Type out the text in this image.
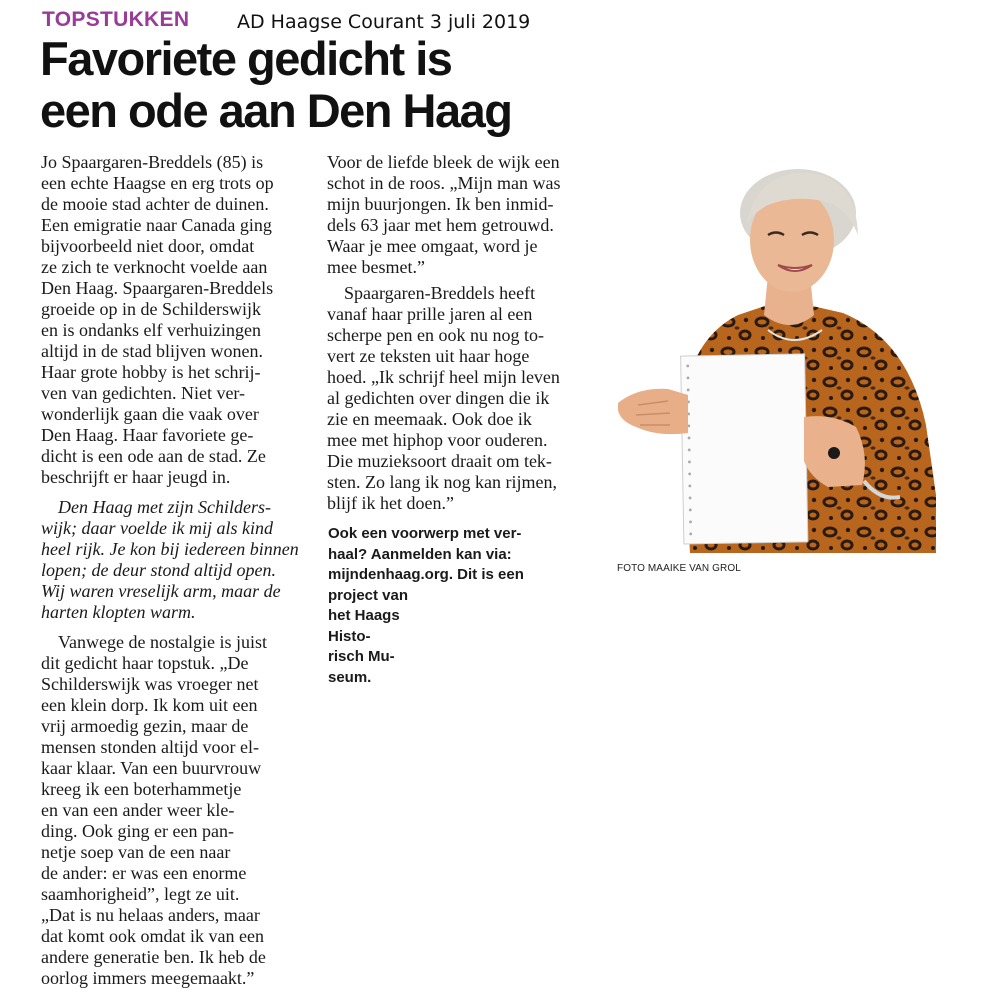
TOPSTUKKEN	AD Haagse Courant 3 juli 2019
Favoriete gedicht is
een ode aan Den Haag
Jo Spaargaren-Breddels (85) is
een echte Haagse en erg trots op
de mooie stad achter de duinen.
Een emigratie naar Canada ging
bijvoorbeeld niet door, omdat
ze zich te verknocht voelde aan
Den Haag. Spaargaren-Breddels
groeide op in de Schilderswijk
en is ondanks elf verhuizingen
altijd in de stad blijven wonen.
Haar grote hobby is het schrij-
ven van gedichten. Niet ver-
wonderlijk gaan die vaak over
Den Haag. Haar favoriete ge-
dicht is een ode aan de stad. Ze
beschrijft er haar jeugd in.
Den Haag met zijn Schilders-
wijk; daar voelde ik mij als kind
heel rijk. Je kon bij iedereen binnen
lopen; de deur stond altijd open.
Wij waren vreselijk arm, maar de
harten klopten warm.
Vanwege de nostalgie is juist
dit gedicht haar topstuk. „De
Schilderswijk was vroeger net
een klein dorp. Ik kom uit een
vrij armoedig gezin, maar de
mensen stonden altijd voor el-
kaar klaar. Van een buurvrouw
kreeg ik een boterhammetje
en van een ander weer kle-
ding. Ook ging er een pan-
netje soep van de een naar
de ander: er was een enorme
saamhorigheid”, legt ze uit.
„Dat is nu helaas anders, maar
dat komt ook omdat ik van een
andere generatie ben. Ik heb de
oorlog immers meegemaakt.”
Voor de liefde bleek de wijk een
schot in de roos. „Mijn man was
mijn buurjongen. Ik ben inmid-
dels 63 jaar met hem getrouwd.
Waar je mee omgaat, word je
mee besmet.”
Spaargaren-Breddels heeft
vanaf haar prille jaren al een
scherpe pen en ook nu nog to-
vert ze teksten uit haar hoge
hoed. „Ik schrijf heel mijn leven
al gedichten over dingen die ik
zie en meemaak. Ook doe ik
mee met hiphop voor ouderen.
Die muzieksoort draait om tek-
sten. Zo lang ik nog kan rijmen,
blijf ik het doen.”
Ook een voorwerp met ver-
haal? Aanmelden kan via:
mijndenhaag.org. Dit is een
project van
het Haags
Histo-
risch Mu-
seum.
FOTO MAAIKE VAN GROL
